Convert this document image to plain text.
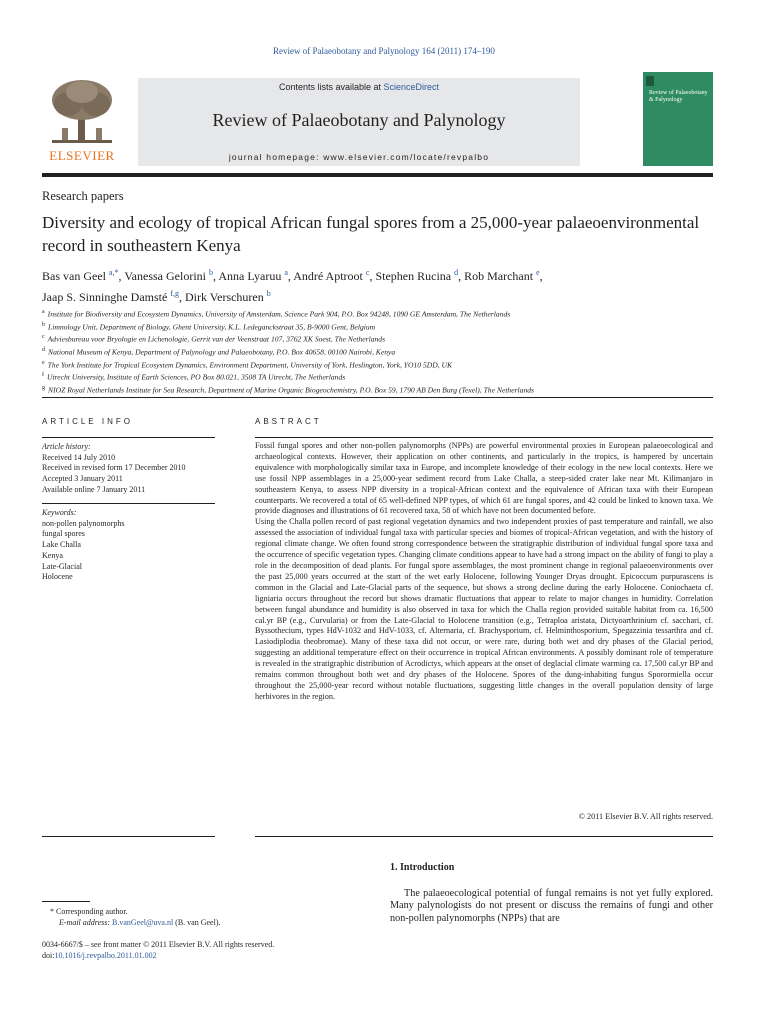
Review of Palaeobotany and Palynology 164 (2011) 174–190
ELSEVIER
Contents lists available at ScienceDirect
Review of Palaeobotany and Palynology
journal homepage: www.elsevier.com/locate/revpalbo
Review of Palaeobotany & Palynology
Research papers
Diversity and ecology of tropical African fungal spores from a 25,000-year palaeoenvironmental record in southeastern Kenya
Bas van Geel $^{a,*}$, Vanessa Gelorini $^b$, Anna Lyaruu $^a$, André Aptroot $^c$, Stephen Rucina $^d$, Rob Marchant $^e$,
Jaap S. Sinninghe Damsté $^{f,g}$, Dirk Verschuren $^b$
$^a$ Institute for Biodiversity and Ecosystem Dynamics, University of Amsterdam, Science Park 904, P.O. Box 94248, 1090 GE Amsterdam, The Netherlands
$^b$ Limnology Unit, Department of Biology, Ghent University, K.L. Ledeganckstraat 35, B-9000 Gent, Belgium
$^c$ Adviesbureau voor Bryologie en Lichenologie, Gerrit van der Veenstraat 107, 3762 XK Soest, The Netherlands
$^d$ National Museum of Kenya, Department of Palynology and Palaeobotany, P.O. Box 40658, 00100 Nairobi, Kenya
$^e$ The York Institute for Tropical Ecosystem Dynamics, Environment Department, University of York, Heslington, York, YO10 5DD, UK
$^f$ Utrecht University, Institute of Earth Sciences, PO Box 80.021, 3508 TA Utrecht, The Netherlands
$^g$ NIOZ Royal Netherlands Institute for Sea Research, Department of Marine Organic Biogeochemistry, P.O. Box 59, 1790 AB Den Burg (Texel), The Netherlands
ARTICLE INFO	ABSTRACT
Article history:
Received 14 July 2010
Received in revised form 17 December 2010
Accepted 3 January 2011
Available online 7 January 2011
Keywords:
non-pollen palynomorphs
fungal spores
Lake Challa
Kenya
Late-Glacial
Holocene

Fossil fungal spores and other non-pollen palynomorphs (NPPs) are powerful environmental proxies in European palaeoecological and archaeological contexts. However, their application on other continents, and particularly in the tropics, is hampered by uncertain equivalence with morphologically similar taxa in Europe, and incomplete knowledge of their ecology in the new local contexts. Here we use fossil NPP assemblages in a 25,000-year sediment record from Lake Challa, a steep-sided crater lake near Mt. Kilimanjaro in southeastern Kenya, to assess NPP diversity in a tropical-African context and the equivalence of African taxa with their European counterparts. We recovered a total of 65 well-defined NPP types, of which 61 are fungal spores, and 42 could be linked to known taxa. We provide diagnoses and illustrations of 61 recovered taxa, 58 of which have not been documented before.

Using the Challa pollen record of past regional vegetation dynamics and two independent proxies of past temperature and rainfall, we also assessed the association of individual fungal taxa with particular species and biomes of tropical-African vegetation, and with the history of regional climate change. We often found strong correspondence between the stratigraphic distribution of individual fungal spore taxa and the occurrence of specific vegetation types. Changing climate conditions appear to have had a strong impact on the ability of fungi to play a role in the decomposition of dead plants. For fungal spore assemblages, the most prominent change in regional palaeoenvironments over the past 25,000 years occurred at the start of the wet early Holocene, following Younger Dryas drought. Epicoccum purpurascens is common in the Glacial and Late-Glacial parts of the sequence, but shows a strong decline during the early Holocene. Coniochaeta cf. ligniaria occurs throughout the record but shows dramatic fluctuations that appear to relate to major changes in humidity. Correlation between fungal abundance and humidity is also observed in taxa for which the Challa region provided suitable habitat from ca. 16,500 cal.yr BP (e.g., Curvularia) or from the Late-Glacial to Holocene transition (e.g., Tetraploa aristata, Dictyoarthrinium cf. sacchari, cf. Byssothecium, types HdV-1032 and HdV-1033, cf. Alternaria, cf. Brachysporium, cf. Helminthosporium, Spegazzinia tessarthra and cf. Lasiodiplodia theobromae). Many of these taxa did not occur, or were rare, during both wet and dry phases of the Glacial period, suggesting an additional temperature effect on their occurrence in tropical African environments. A possibly dominant role of temperature is revealed in the stratigraphic distribution of Acrodictys, which appears at the onset of deglacial climate warming ca. 17,500 cal.yr BP and remains common throughout both wet and dry phases of the Holocene. Spores of the dung-inhabiting fungus Sporormiella occur throughout the 25,000-year record without notable fluctuations, suggesting little changes in the overall population density of large herbivores in the region.

© 2011 Elsevier B.V. All rights reserved.
1. Introduction
The palaeoecological potential of fungal remains is not yet fully explored. Many palynologists do not present or discuss the remains of fungi and other non-pollen palynomorphs (NPPs) that are
* Corresponding author.
E-mail address: B.vanGeel@uva.nl (B. van Geel).
0034-6667/$ – see front matter © 2011 Elsevier B.V. All rights reserved.
doi:10.1016/j.revpalbo.2011.01.002
